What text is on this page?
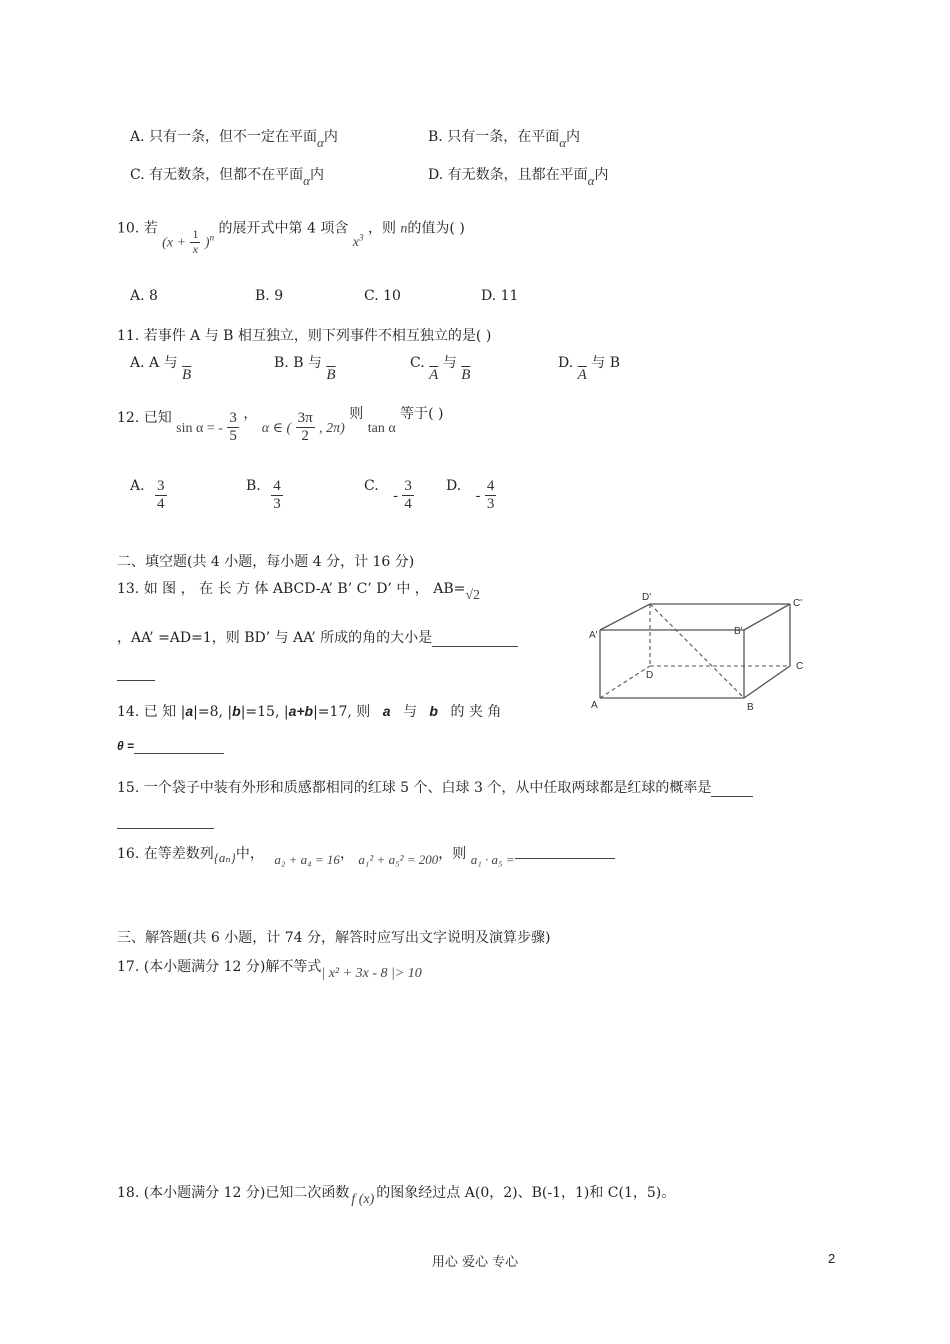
A. 只有一条，但不一定在平面α内	B. 只有一条，在平面α内
C. 有无数条，但都不在平面α内	D. 有无数条，且都在平面α内
10. 若 $(x + \frac{1}{x} )^n$ 的展开式中第 4 项含 $x^3$ ，则 n的值为( )
A. 8	B. 9	C. 10	D. 11
11. 若事件 A 与 B 相互独立，则下列事件不相互独立的是( )
A. A 与 $\overline{B}$
B. B 与 $\overline{B}$
C. $\overline{A}$ 与 $\overline{B}$
D. $\overline{A}$ 与 B
12. 已知 sin α = - $\frac{3}{5}$ ， α ∈ ( $\frac{3\pi}{2}$ , 2π) 则 tan α 等于( )
A. $\frac{3}{4}$	B. $\frac{4}{3}$	C. - $\frac{3}{4} D$. - $\frac{4}{3}$
二、填空题(共 4 小题，每小题 4 分，计 16 分)
13. 如 图 ， 在 长 方 体 ABCD-A’ B’ C’ D’ 中 ， AB=√2
，AA’ =AD=1，则 BD’ 与 AA’ 所成的角的大小是
D'
C'
A'	B'
D
C
A	B
14. 已 知 |a|=8, |b|=15, |a+b|=17, 则 a 与 b 的 夹 角
θ =
15. 一个袋子中装有外形和质感都相同的红球 5 个、白球 3 个，从中任取两球都是红球的概率是
16. 在等差数列{aₙ}中， a₂ + a₄ = 16， a₁² + a₅² = 200，则 a₁ · a₅ =
三、解答题(共 6 小题，计 74 分，解答时应写出文字说明及演算步骤)
17. (本小题满分 12 分)解不等式| x² + 3x - 8 |> 10
18. (本小题满分 12 分)已知二次函数 f (x) 的图象经过点 A(0，2)、B(-1，1)和 C(1，5)。
用心 爱心 专心	2
